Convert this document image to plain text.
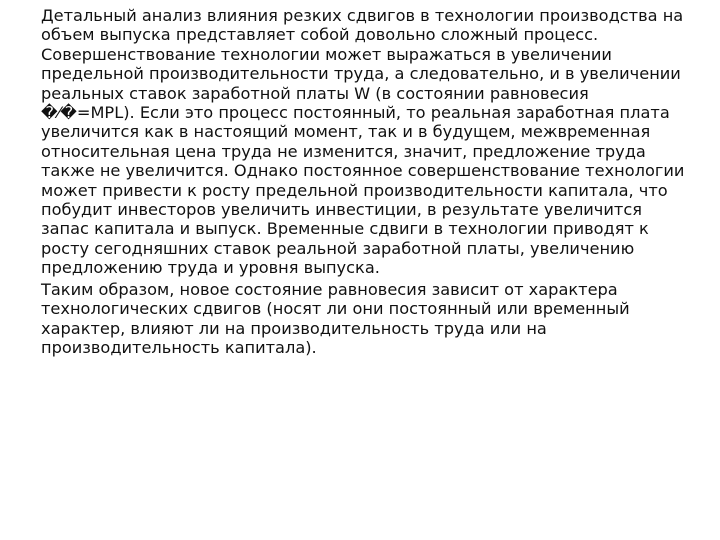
Детальный анализ влияния резких сдвигов в технологии производства на объем выпуска представляет собой довольно сложный процесс. Совершенствование технологии может выражаться в увеличении предельной производительности труда, а следовательно, и в увеличении реальных ставок заработной платы W (в состоянии равновесия �⁄�=MPL). Если это процесс постоянный, то реальная заработная плата увеличится как в настоящий момент, так и в будущем, межвременная относительная цена труда не изменится, значит, предложение труда также не увеличится. Однако постоянное совершенствование технологии может привести к росту предельной производительности капитала, что побудит инвесторов увеличить инвестиции, в результате увеличится запас капитала и выпуск. Временные сдвиги в технологии приводят к росту сегодняшних ставок реальной заработной платы, увеличению предложению труда и уровня выпуска.

Таким образом, новое состояние равновесия зависит от характера технологических сдвигов (носят ли они постоянный или временный характер, влияют ли на производительность труда или на производительность капитала).
